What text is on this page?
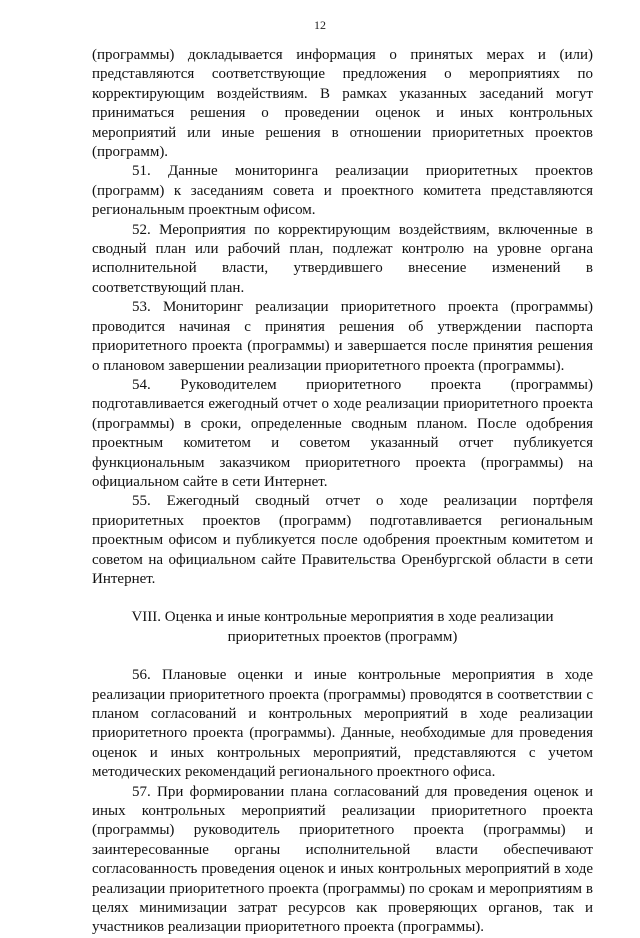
12

(программы) докладывается информация о принятых мерах и (или) представляются соответствующие предложения о мероприятиях по корректирующим воздействиям. В рамках указанных заседаний могут приниматься решения о проведении оценок и иных контрольных мероприятий или иные решения в отношении приоритетных проектов (программ).

51. Данные мониторинга реализации приоритетных проектов (программ) к заседаниям совета и проектного комитета представляются региональным проектным офисом.

52. Мероприятия по корректирующим воздействиям, включенные в сводный план или рабочий план, подлежат контролю на уровне органа исполнительной власти, утвердившего внесение изменений в соответствующий план.

53. Мониторинг реализации приоритетного проекта (программы) проводится начиная с принятия решения об утверждении паспорта приоритетного проекта (программы) и завершается после принятия решения о плановом завершении реализации приоритетного проекта (программы).

54. Руководителем приоритетного проекта (программы) подготавливается ежегодный отчет о ходе реализации приоритетного проекта (программы) в сроки, определенные сводным планом. После одобрения проектным комитетом и советом указанный отчет публикуется функциональным заказчиком приоритетного проекта (программы) на официальном сайте в сети Интернет.

55. Ежегодный сводный отчет о ходе реализации портфеля приоритетных проектов (программ) подготавливается региональным проектным офисом и публикуется после одобрения проектным комитетом и советом на официальном сайте Правительства Оренбургской области в сети Интернет.

VIII. Оценка и иные контрольные мероприятия в ходе реализации
приоритетных проектов (программ)

56. Плановые оценки и иные контрольные мероприятия в ходе реализации приоритетного проекта (программы) проводятся в соответствии с планом согласований и контрольных мероприятий в ходе реализации приоритетного проекта (программы). Данные, необходимые для проведения оценок и иных контрольных мероприятий, представляются с учетом методических рекомендаций регионального проектного офиса.

57. При формировании плана согласований для проведения оценок и иных контрольных мероприятий реализации приоритетного проекта (программы) руководитель приоритетного проекта (программы) и заинтересованные органы исполнительной власти обеспечивают согласованность проведения оценок и иных контрольных мероприятий в ходе реализации приоритетного проекта (программы) по срокам и мероприятиям в целях минимизации затрат ресурсов как проверяющих органов, так и участников реализации приоритетного проекта (программы).
